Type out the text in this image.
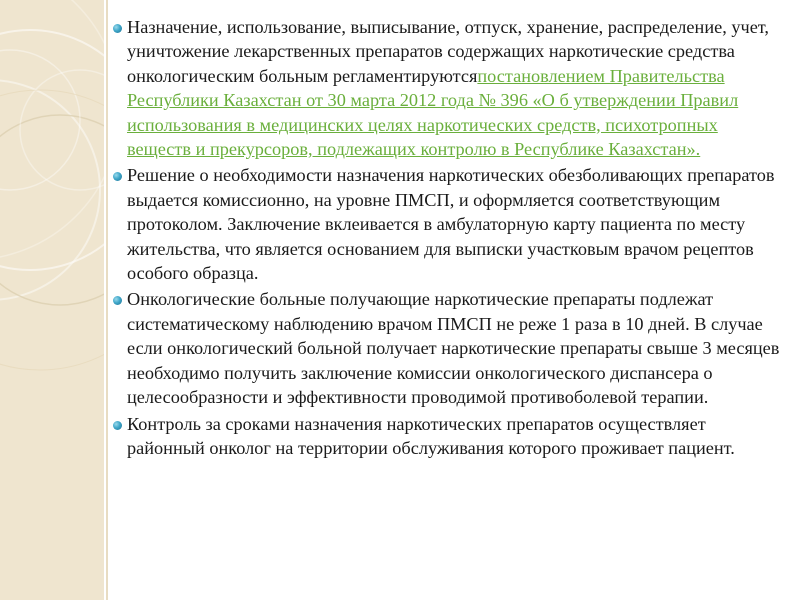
Назначение, использование, выписывание, отпуск, хранение, распределение, учет, уничтожение лекарственных препаратов содержащих наркотические средства онкологическим больным регламентируютсяпостановлением Правительства Республики Казахстан от 30 марта 2012 года № 396 «О б утверждении Правил использования в медицинских целях наркотических средств, психотропных веществ и прекурсоров, подлежащих контролю в Республике Казахстан».
Решение о необходимости назначения наркотических обезболивающих препаратов выдается комиссионно, на уровне ПМСП, и оформляется соответствующим протоколом. Заключение вклеивается в амбулаторную карту пациента по месту жительства, что является основанием для выписки участковым врачом рецептов особого образца.
Онкологические больные получающие наркотические препараты подлежат систематическому наблюдению врачом ПМСП не реже 1 раза в 10 дней. В случае если онкологический больной получает наркотические препараты свыше 3 месяцев необходимо получить заключение комиссии онкологического диспансера о целесообразности и эффективности проводимой противоболевой терапии.
Контроль за сроками назначения наркотических препаратов осуществляет районный онколог на территории обслуживания которого проживает пациент.
